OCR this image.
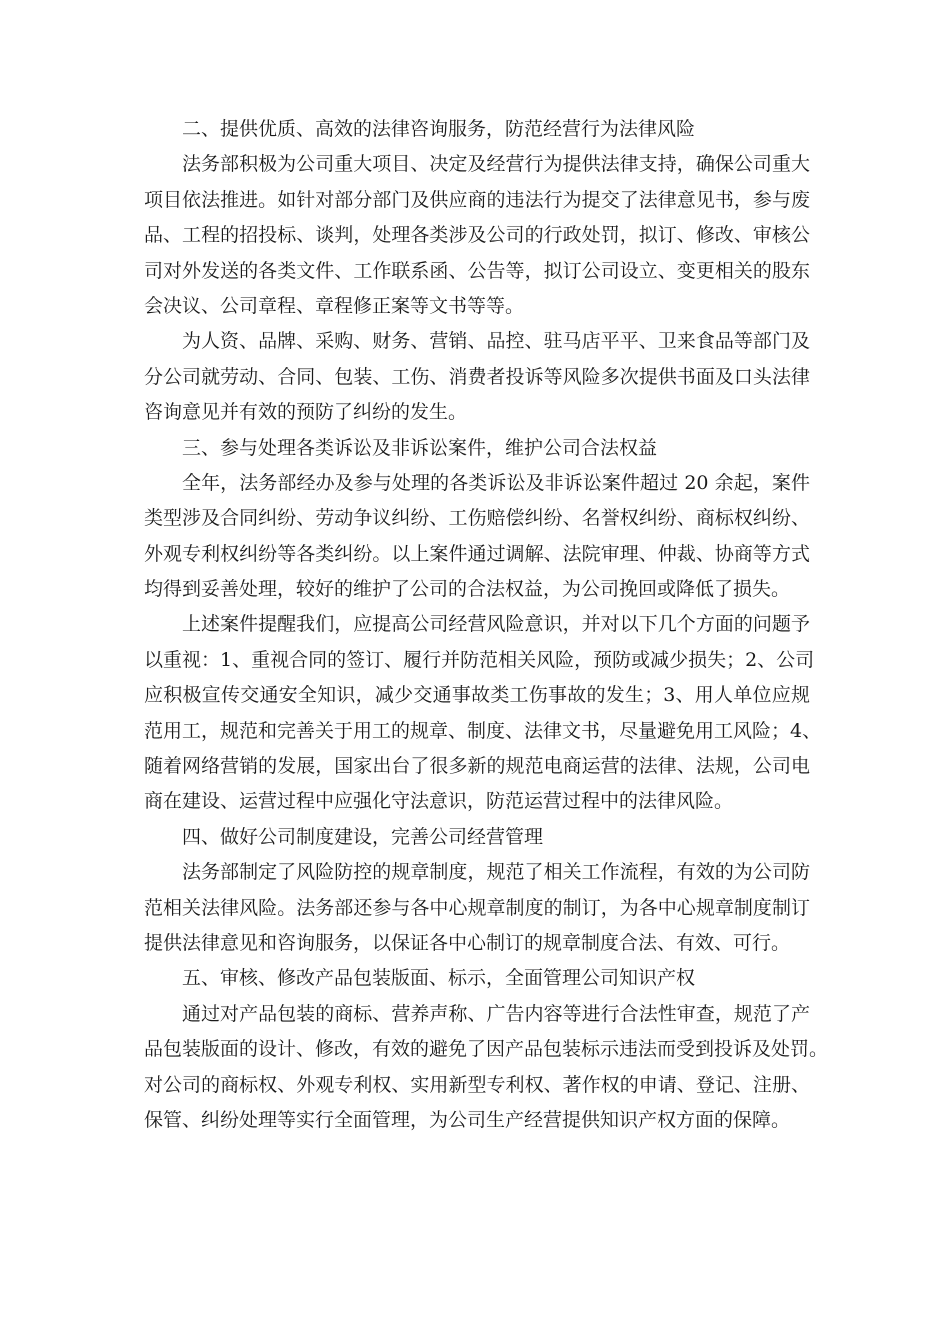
二、提供优质、高效的法律咨询服务，防范经营行为法律风险
法务部积极为公司重大项目、决定及经营行为提供法律支持，确保公司重大
项目依法推进。如针对部分部门及供应商的违法行为提交了法律意见书，参与废
品、工程的招投标、谈判，处理各类涉及公司的行政处罚，拟订、修改、审核公
司对外发送的各类文件、工作联系函、公告等，拟订公司设立、变更相关的股东
会决议、公司章程、章程修正案等文书等等。
为人资、品牌、采购、财务、营销、品控、驻马店平平、卫来食品等部门及
分公司就劳动、合同、包装、工伤、消费者投诉等风险多次提供书面及口头法律
咨询意见并有效的预防了纠纷的发生。
三、参与处理各类诉讼及非诉讼案件，维护公司合法权益
全年，法务部经办及参与处理的各类诉讼及非诉讼案件超过 20 余起，案件
类型涉及合同纠纷、劳动争议纠纷、工伤赔偿纠纷、名誉权纠纷、商标权纠纷、
外观专利权纠纷等各类纠纷。以上案件通过调解、法院审理、仲裁、协商等方式
均得到妥善处理，较好的维护了公司的合法权益，为公司挽回或降低了损失。
上述案件提醒我们，应提高公司经营风险意识，并对以下几个方面的问题予
以重视：1、重视合同的签订、履行并防范相关风险，预防或减少损失；2、公司
应积极宣传交通安全知识，减少交通事故类工伤事故的发生；3、用人单位应规
范用工，规范和完善关于用工的规章、制度、法律文书，尽量避免用工风险；4、
随着网络营销的发展，国家出台了很多新的规范电商运营的法律、法规，公司电
商在建设、运营过程中应强化守法意识，防范运营过程中的法律风险。
四、做好公司制度建设，完善公司经营管理
法务部制定了风险防控的规章制度，规范了相关工作流程，有效的为公司防
范相关法律风险。法务部还参与各中心规章制度的制订，为各中心规章制度制订
提供法律意见和咨询服务，以保证各中心制订的规章制度合法、有效、可行。
五、审核、修改产品包装版面、标示，全面管理公司知识产权
通过对产品包装的商标、营养声称、广告内容等进行合法性审查，规范了产
品包装版面的设计、修改，有效的避免了因产品包装标示违法而受到投诉及处罚。
对公司的商标权、外观专利权、实用新型专利权、著作权的申请、登记、注册、
保管、纠纷处理等实行全面管理，为公司生产经营提供知识产权方面的保障。
